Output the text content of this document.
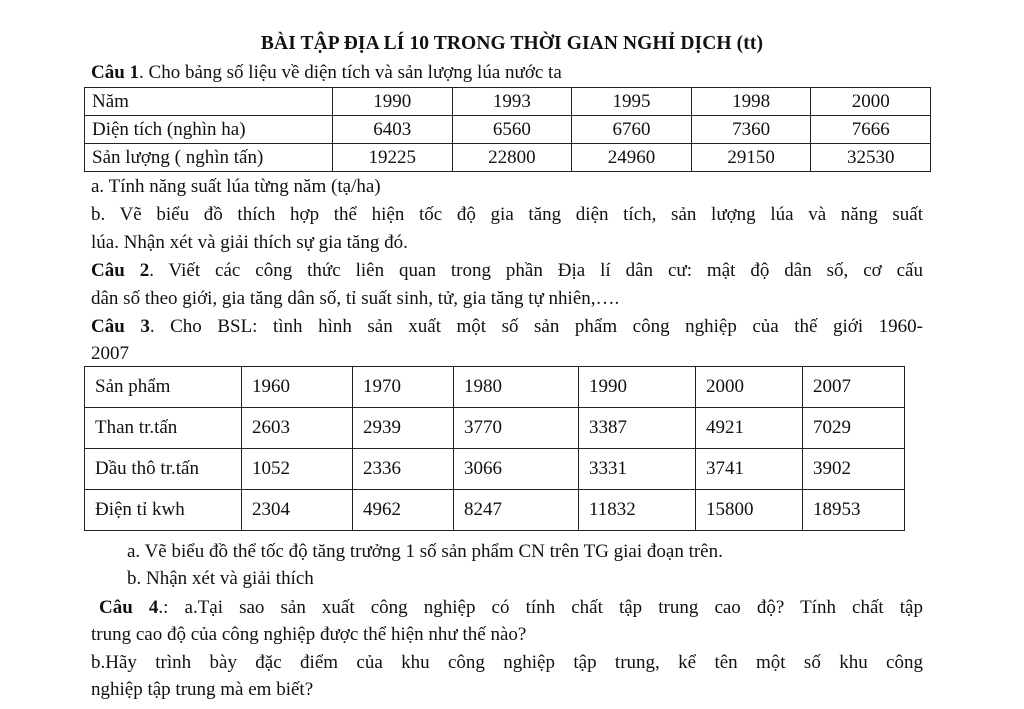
BÀI TẬP ĐỊA LÍ 10 TRONG THỜI GIAN NGHỈ DỊCH (tt)
Câu 1. Cho bảng số liệu về diện tích và sản lượng lúa nước ta
Năm	1990	1993	1995	1998	2000
Diện tích (nghìn ha)	6403	6560	6760	7360	7666
Sản lượng ( nghìn tấn)	19225	22800	24960	29150	32530
a. Tính năng suất lúa từng năm (tạ/ha)
b. Vẽ biểu đồ thích hợp thể hiện tốc độ gia tăng diện tích, sản lượng lúa và năng suất
lúa. Nhận xét và giải thích sự gia tăng đó.
Câu 2. Viết các công thức liên quan trong phần Địa lí dân cư: mật độ dân số, cơ cấu
dân số theo giới, gia tăng dân số, tỉ suất sinh, tử, gia tăng tự nhiên,….
Câu 3. Cho BSL: tình hình sản xuất một số sản phẩm công nghiệp của thế giới 1960-
2007
Sản phẩm	1960	1970	1980	1990	2000	2007
Than tr.tấn	2603	2939	3770	3387	4921	7029
Dầu thô tr.tấn	1052	2336	3066	3331	3741	3902
Điện tỉ kwh	2304	4962	8247	11832	15800	18953
a. Vẽ biểu đồ thể tốc độ tăng trưởng 1 số sản phẩm CN trên TG giai đoạn trên.
b. Nhận xét và giải thích
Câu 4.: a.Tại sao sản xuất công nghiệp có tính chất tập trung cao độ? Tính chất tập
trung cao độ của công nghiệp được thể hiện như thế nào?
b.Hãy trình bày đặc điểm của khu công nghiệp tập trung, kể tên một số khu công
nghiệp tập trung mà em biết?
